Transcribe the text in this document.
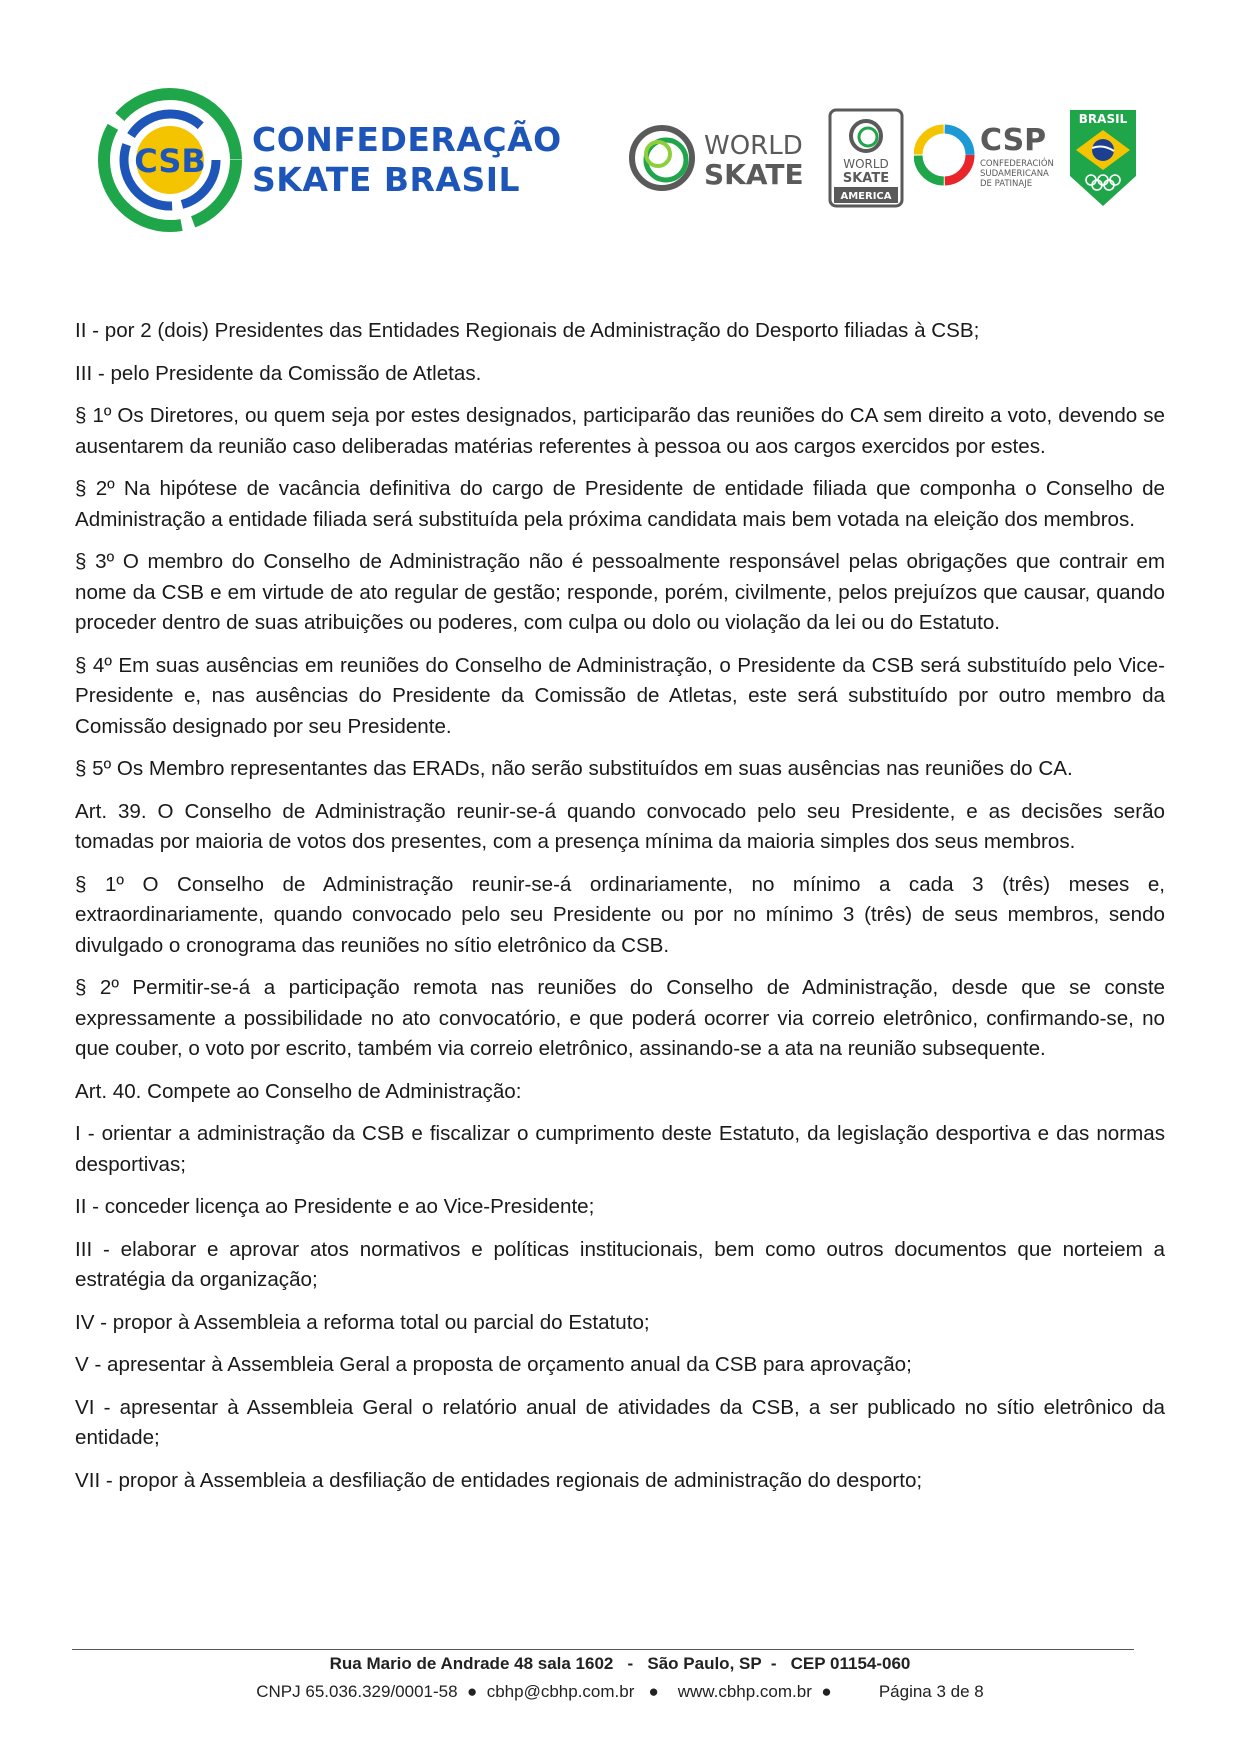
CSB
CONFEDERAÇÃO
SKATE BRASIL
WORLD
SKATE	WORLD
SKATE
AMERICA
CSP
CONFEDERACIÓN
SUDAMERICANA
DE PATINAJE
BRASIL

II - por 2 (dois) Presidentes das Entidades Regionais de Administração do Desporto filiadas à CSB;

III - pelo Presidente da Comissão de Atletas.

§ 1º Os Diretores, ou quem seja por estes designados, participarão das reuniões do CA sem direito a voto, devendo se ausentarem da reunião caso deliberadas matérias referentes à pessoa ou aos cargos exercidos por estes.

§ 2º Na hipótese de vacância definitiva do cargo de Presidente de entidade filiada que componha o Conselho de Administração a entidade filiada será substituída pela próxima candidata mais bem votada na eleição dos membros.

§ 3º O membro do Conselho de Administração não é pessoalmente responsável pelas obrigações que contrair em nome da CSB e em virtude de ato regular de gestão; responde, porém, civilmente, pelos prejuízos que causar, quando proceder dentro de suas atribuições ou poderes, com culpa ou dolo ou violação da lei ou do Estatuto.

§ 4º Em suas ausências em reuniões do Conselho de Administração, o Presidente da CSB será substituído pelo Vice-Presidente e, nas ausências do Presidente da Comissão de Atletas, este será substituído por outro membro da Comissão designado por seu Presidente.

§ 5º Os Membro representantes das ERADs, não serão substituídos em suas ausências nas reuniões do CA.

Art. 39. O Conselho de Administração reunir-se-á quando convocado pelo seu Presidente, e as decisões serão tomadas por maioria de votos dos presentes, com a presença mínima da maioria simples dos seus membros.

§ 1º O Conselho de Administração reunir-se-á ordinariamente, no mínimo a cada 3 (três) meses e, extraordinariamente, quando convocado pelo seu Presidente ou por no mínimo 3 (três) de seus membros, sendo divulgado o cronograma das reuniões no sítio eletrônico da CSB.

§ 2º Permitir-se-á a participação remota nas reuniões do Conselho de Administração, desde que se conste expressamente a possibilidade no ato convocatório, e que poderá ocorrer via correio eletrônico, confirmando-se, no que couber, o voto por escrito, também via correio eletrônico, assinando-se a ata na reunião subsequente.

Art. 40. Compete ao Conselho de Administração:

I - orientar a administração da CSB e fiscalizar o cumprimento deste Estatuto, da legislação desportiva e das normas desportivas;

II - conceder licença ao Presidente e ao Vice-Presidente;

III - elaborar e aprovar atos normativos e políticas institucionais, bem como outros documentos que norteiem a estratégia da organização;

IV - propor à Assembleia a reforma total ou parcial do Estatuto;

V - apresentar à Assembleia Geral a proposta de orçamento anual da CSB para aprovação;

VI - apresentar à Assembleia Geral o relatório anual de atividades da CSB, a ser publicado no sítio eletrônico da entidade;

VII - propor à Assembleia a desfiliação de entidades regionais de administração do desporto;

Rua Mario de Andrade 48 sala 1602   -   São Paulo, SP  -   CEP 01154-060
CNPJ 65.036.329/0001-58  ●  cbhp@cbhp.com.br   ●    www.cbhp.com.br  ●          Página 3 de 8
